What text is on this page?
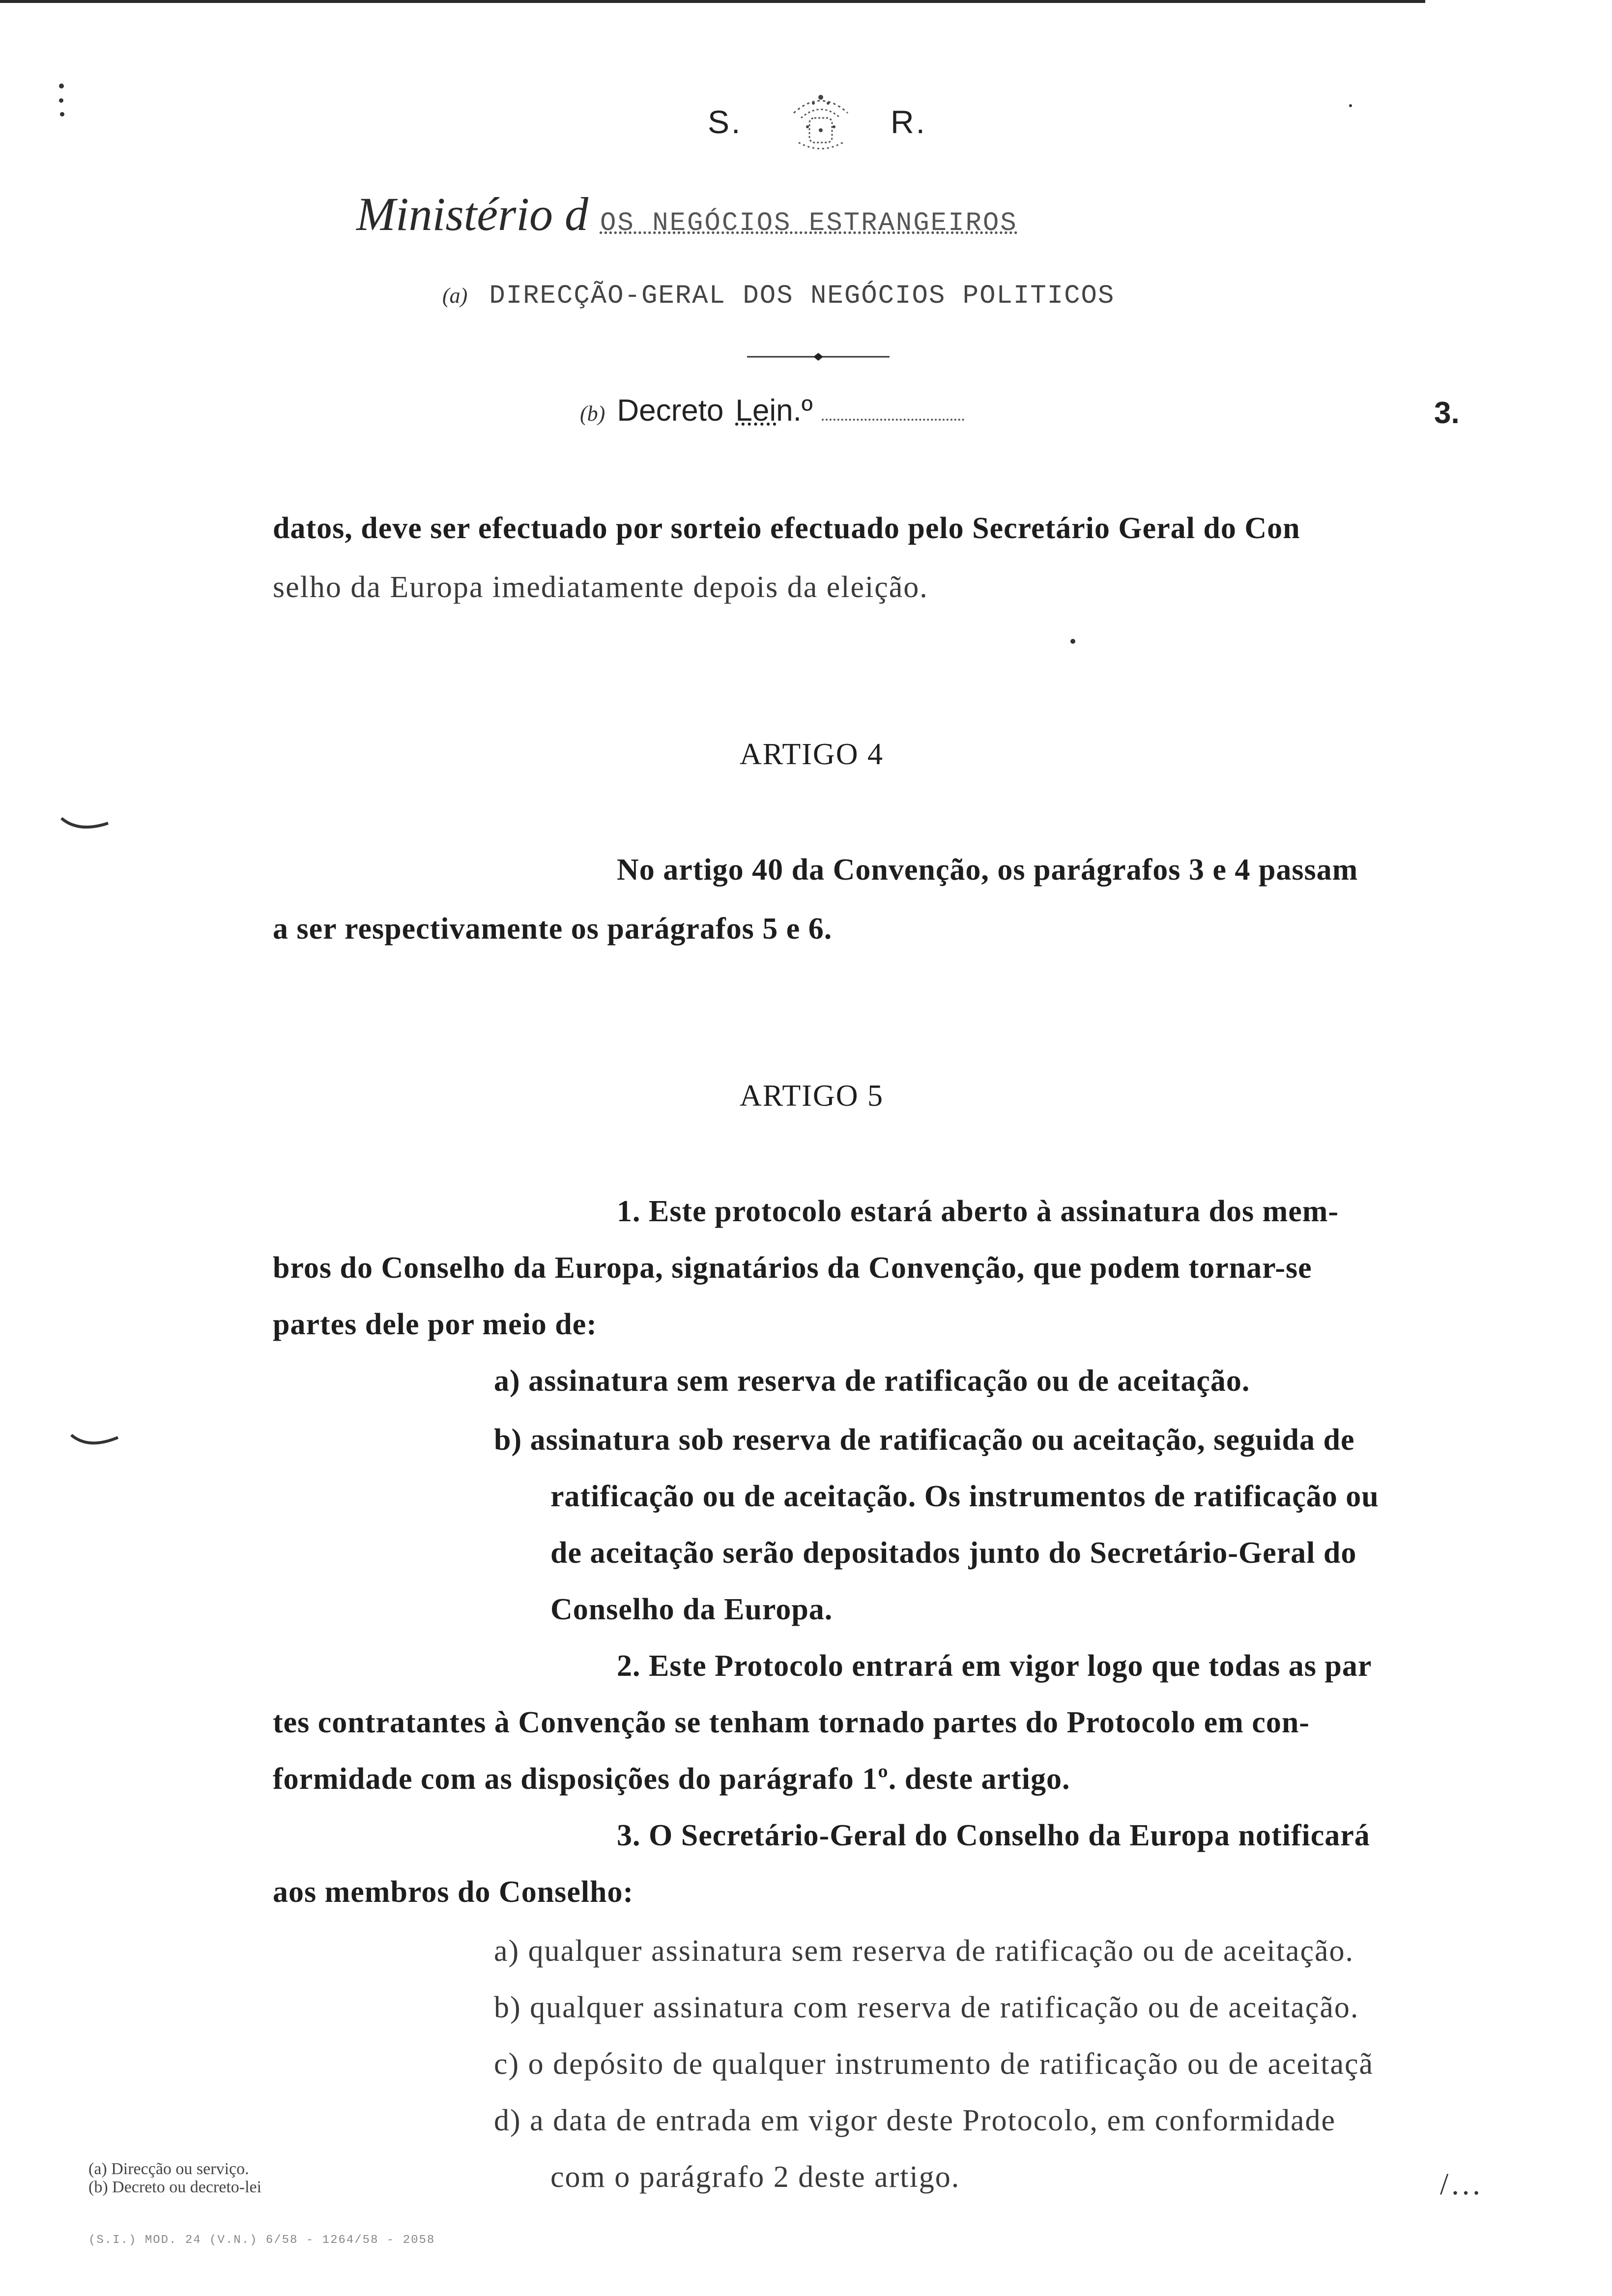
S.	R.
Ministério d OS NEGÓCIOS ESTRANGEIROS
(a) DIRECÇÃO-GERAL DOS NEGÓCIOS POLITICOS
(b) Decreto Lein.º	3.
datos, deve ser efectuado por sorteio efectuado pelo Secretário Geral do Con
selho da Europa imediatamente depois da eleição.
ARTIGO 4
No artigo 40 da Convenção, os parágrafos 3 e 4 passam
a ser respectivamente os parágrafos 5 e 6.
ARTIGO 5
1. Este protocolo estará aberto à assinatura dos mem-
bros do Conselho da Europa, signatários da Convenção, que podem tornar-se
partes dele por meio de:
a) assinatura sem reserva de ratificação ou de aceitação.
b) assinatura sob reserva de ratificação ou aceitação, seguida de
ratificação ou de aceitação. Os instrumentos de ratificação ou
de aceitação serão depositados junto do Secretário-Geral do
Conselho da Europa.
2. Este Protocolo entrará em vigor logo que todas as par
tes contratantes à Convenção se tenham tornado partes do Protocolo em con-
formidade com as disposições do parágrafo 1º. deste artigo.
3. O Secretário-Geral do Conselho da Europa notificará
aos membros do Conselho:
a) qualquer assinatura sem reserva de ratificação ou de aceitação.
b) qualquer assinatura com reserva de ratificação ou de aceitação.
c) o depósito de qualquer instrumento de ratificação ou de aceitaçã
d) a data de entrada em vigor deste Protocolo, em conformidade
com o parágrafo 2 deste artigo.
(a) Direcção ou serviço.
(b) Decreto ou decreto-lei
(S.I.) MOD. 24 (V.N.) 6/58 - 1264/58 - 2058
/...
